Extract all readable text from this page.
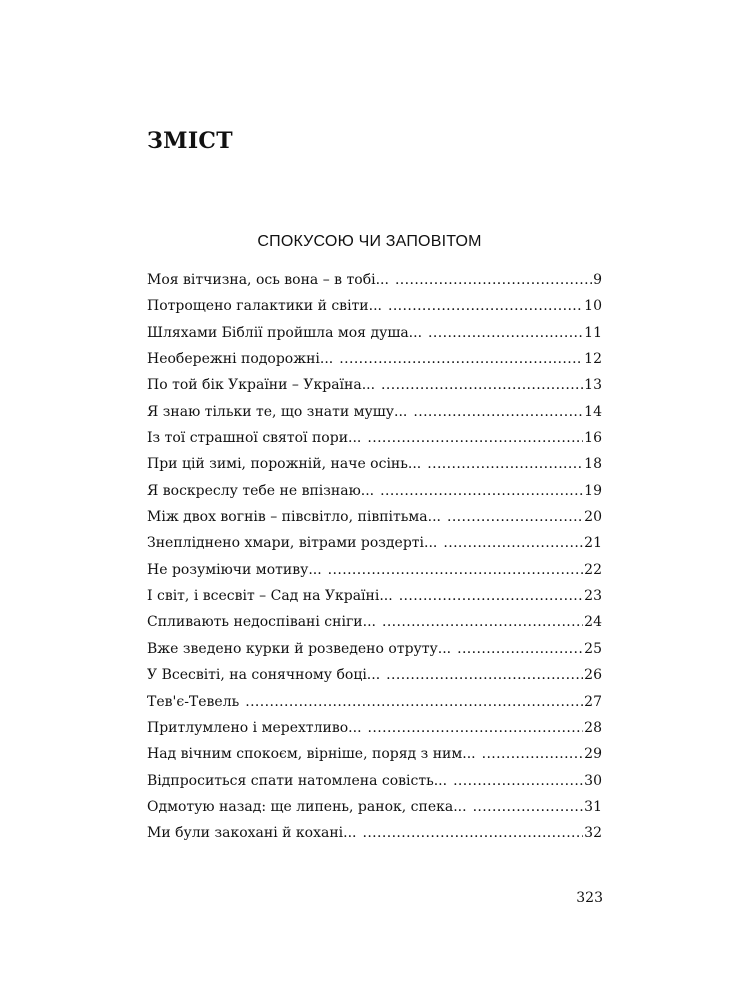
ЗМІСТ
СПОКУСОЮ ЧИ ЗАПОВІТОМ
Моя вітчизна, ось вона – в тобі... .....	9
Потрощено галактики й світи... .....	10
Шляхами Біблії пройшла моя душа... .....	11
Необережні подорожні... .....	12
По той бік України – Україна... .....	13
Я знаю тільки те, що знати мушу... .....	14
Із тої страшної святої пори... .....	16
При цій зимі, порожній, наче осінь... .....	18
Я воскреслу тебе не впізнаю... .....	19
Між двох вогнів – півсвітло, півпітьма... .....	20
Знепліднено хмари, вітрами роздерті... .....	21
Не розуміючи мотиву... .....	22
І світ, і всесвіт – Сад на Україні... .....	23
Спливають недоспівані сніги... .....	24
Вже зведено курки й розведено отруту... .....	25
У Всесвіті, на сонячному боці... .....	26
Тев'є-Тевель .....	27
Притлумлено і мерехтливо... .....	28
Над вічним спокоєм, вірніше, поряд з ним... .....	29
Відпроситься спати натомлена совість... .....	30
Одмотую назад: ще липень, ранок, спека... .....	31
Ми були закохані й кохані... .....	32
323
